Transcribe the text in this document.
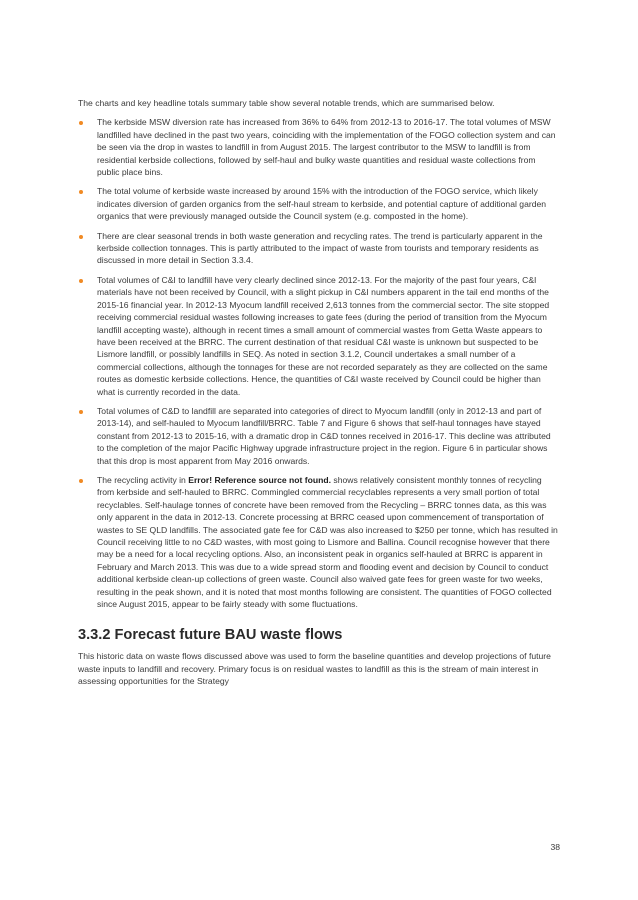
The charts and key headline totals summary table show several notable trends, which are summarised below.

The kerbside MSW diversion rate has increased from 36% to 64% from 2012-13 to 2016-17. The total volumes of MSW landfilled have declined in the past two years, coinciding with the implementation of the FOGO collection system and can be seen via the drop in wastes to landfill in from August 2015. The largest contributor to the MSW to landfill is from residential kerbside collections, followed by self-haul and bulky waste quantities and residual waste collections from public place bins.
The total volume of kerbside waste increased by around 15% with the introduction of the FOGO service, which likely indicates diversion of garden organics from the self-haul stream to kerbside, and potential capture of additional garden organics that were previously managed outside the Council system (e.g. composted in the home).
There are clear seasonal trends in both waste generation and recycling rates. The trend is particularly apparent in the kerbside collection tonnages. This is partly attributed to the impact of waste from tourists and temporary residents as discussed in more detail in Section 3.3.4.
Total volumes of C&I to landfill have very clearly declined since 2012-13. For the majority of the past four years, C&I materials have not been received by Council, with a slight pickup in C&I numbers apparent in the tail end months of the 2015-16 financial year. In 2012-13 Myocum landfill received 2,613 tonnes from the commercial sector. The site stopped receiving commercial residual wastes following increases to gate fees (during the period of transition from the Myocum landfill accepting waste), although in recent times a small amount of commercial wastes from Getta Waste appears to have been received at the BRRC. The current destination of that residual C&I waste is unknown but suspected to be Lismore landfill, or possibly landfills in SEQ. As noted in section 3.1.2, Council undertakes a small number of a commercial collections, although the tonnages for these are not recorded separately as they are collected on the same routes as domestic kerbside collections. Hence, the quantities of C&I waste received by Council could be higher than what is currently recorded in the data.
Total volumes of C&D to landfill are separated into categories of direct to Myocum landfill (only in 2012-13 and part of 2013-14), and self-hauled to Myocum landfill/BRRC. Table 7 and Figure 6 shows that self-haul tonnages have stayed constant from 2012-13 to 2015-16, with a dramatic drop in C&D tonnes received in 2016-17. This decline was attributed to the completion of the major Pacific Highway upgrade infrastructure project in the region. Figure 6 in particular shows that this drop is most apparent from May 2016 onwards.
The recycling activity in Error! Reference source not found. shows relatively consistent monthly tonnes of recycling from kerbside and self-hauled to BRRC. Commingled commercial recyclables represents a very small portion of total recyclables. Self-haulage tonnes of concrete have been removed from the Recycling – BRRC tonnes data, as this was only apparent in the data in 2012-13. Concrete processing at BRRC ceased upon commencement of transportation of wastes to SE QLD landfills. The associated gate fee for C&D was also increased to $250 per tonne, which has resulted in Council receiving little to no C&D wastes, with most going to Lismore and Ballina. Council recognise however that there may be a need for a local recycling options. Also, an inconsistent peak in organics self-hauled at BRRC is apparent in February and March 2013. This was due to a wide spread storm and flooding event and decision by Council to conduct additional kerbside clean-up collections of green waste. Council also waived gate fees for green waste for two weeks, resulting in the peak shown, and it is noted that most months following are consistent. The quantities of FOGO collected since August 2015, appear to be fairly steady with some fluctuations.
3.3.2 Forecast future BAU waste flows

This historic data on waste flows discussed above was used to form the baseline quantities and develop projections of future waste inputs to landfill and recovery. Primary focus is on residual wastes to landfill as this is the stream of main interest in assessing opportunities for the Strategy

38
